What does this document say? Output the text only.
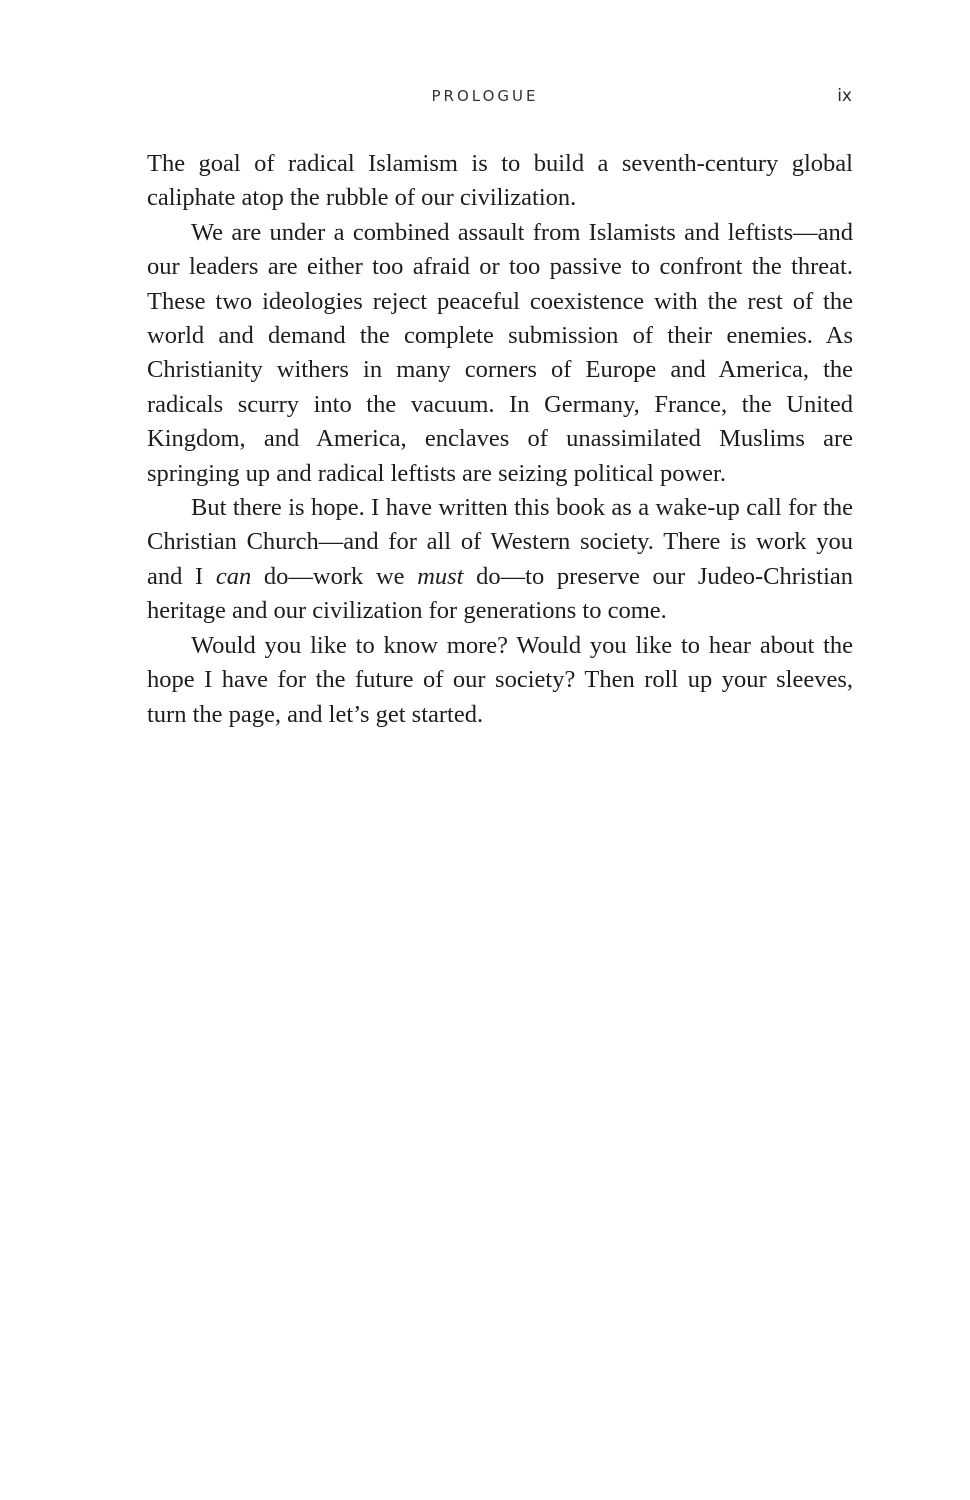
PROLOGUE	ix

The goal of radical Islamism is to build a seventh-century global caliphate atop the rubble of our civilization.

We are under a combined assault from Islamists and leftists—and our leaders are either too afraid or too passive to confront the threat. These two ideologies reject peaceful coexistence with the rest of the world and demand the complete submission of their enemies. As Christianity withers in many corners of Europe and America, the radicals scurry into the vacuum. In Germany, France, the United Kingdom, and America, enclaves of unassimilated Muslims are springing up and radical leftists are seizing political power.

But there is hope. I have written this book as a wake-up call for the Christian Church—and for all of Western society. There is work you and I can do—work we must do—to preserve our Judeo-Christian heritage and our civilization for generations to come.

Would you like to know more? Would you like to hear about the hope I have for the future of our society? Then roll up your sleeves, turn the page, and let’s get started.
